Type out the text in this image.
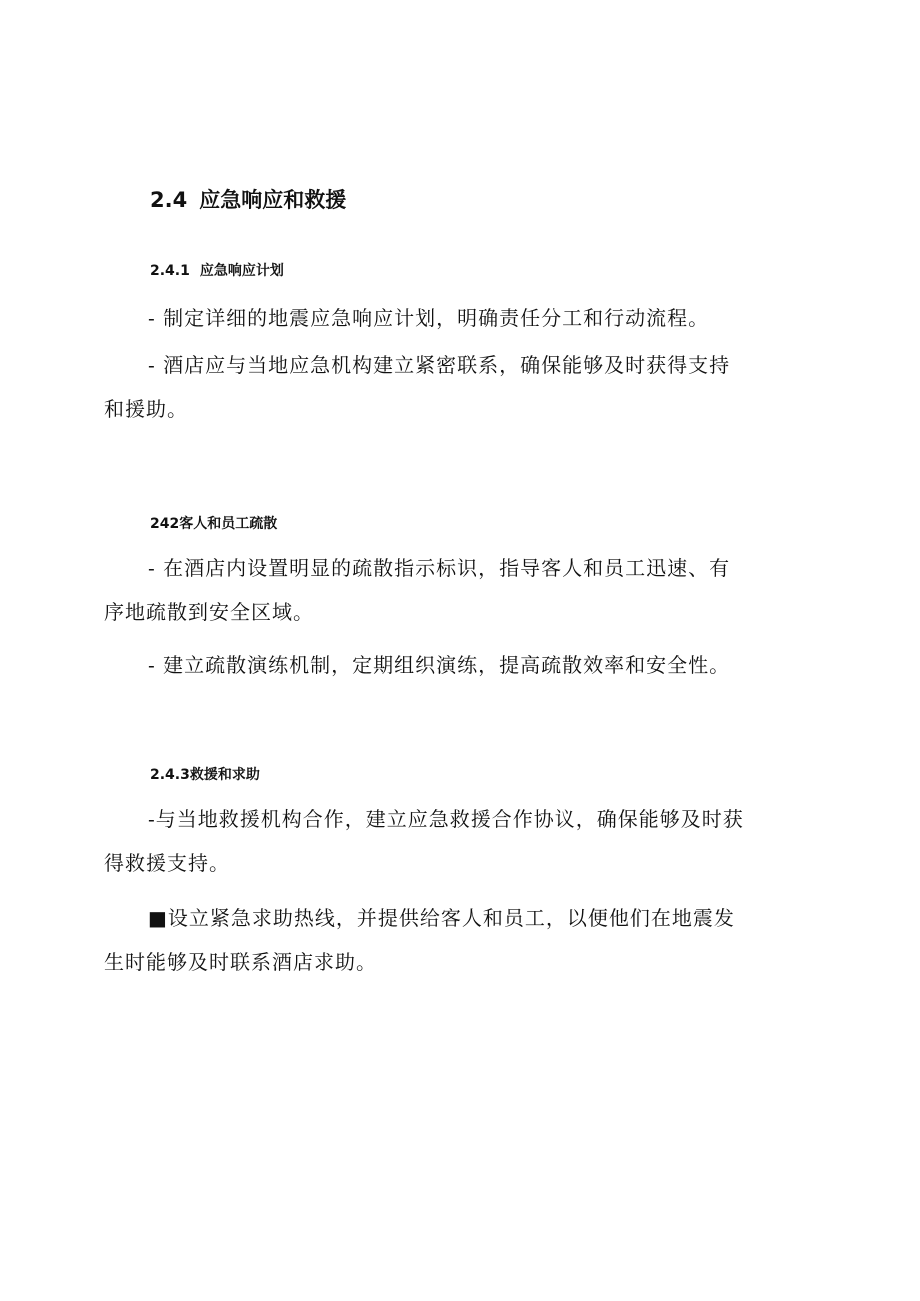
2.4 应急响应和救援
2.4.1 应急响应计划
- 制定详细的地震应急响应计划，明确责任分工和行动流程。
- 酒店应与当地应急机构建立紧密联系，确保能够及时获得支持
和援助。
242客人和员工疏散
- 在酒店内设置明显的疏散指示标识，指导客人和员工迅速、有
序地疏散到安全区域。
- 建立疏散演练机制，定期组织演练，提高疏散效率和安全性。
2.4.3救援和求助
-与当地救援机构合作，建立应急救援合作协议，确保能够及时获
得救援支持。
■设立紧急求助热线，并提供给客人和员工，以便他们在地震发
生时能够及时联系酒店求助。
